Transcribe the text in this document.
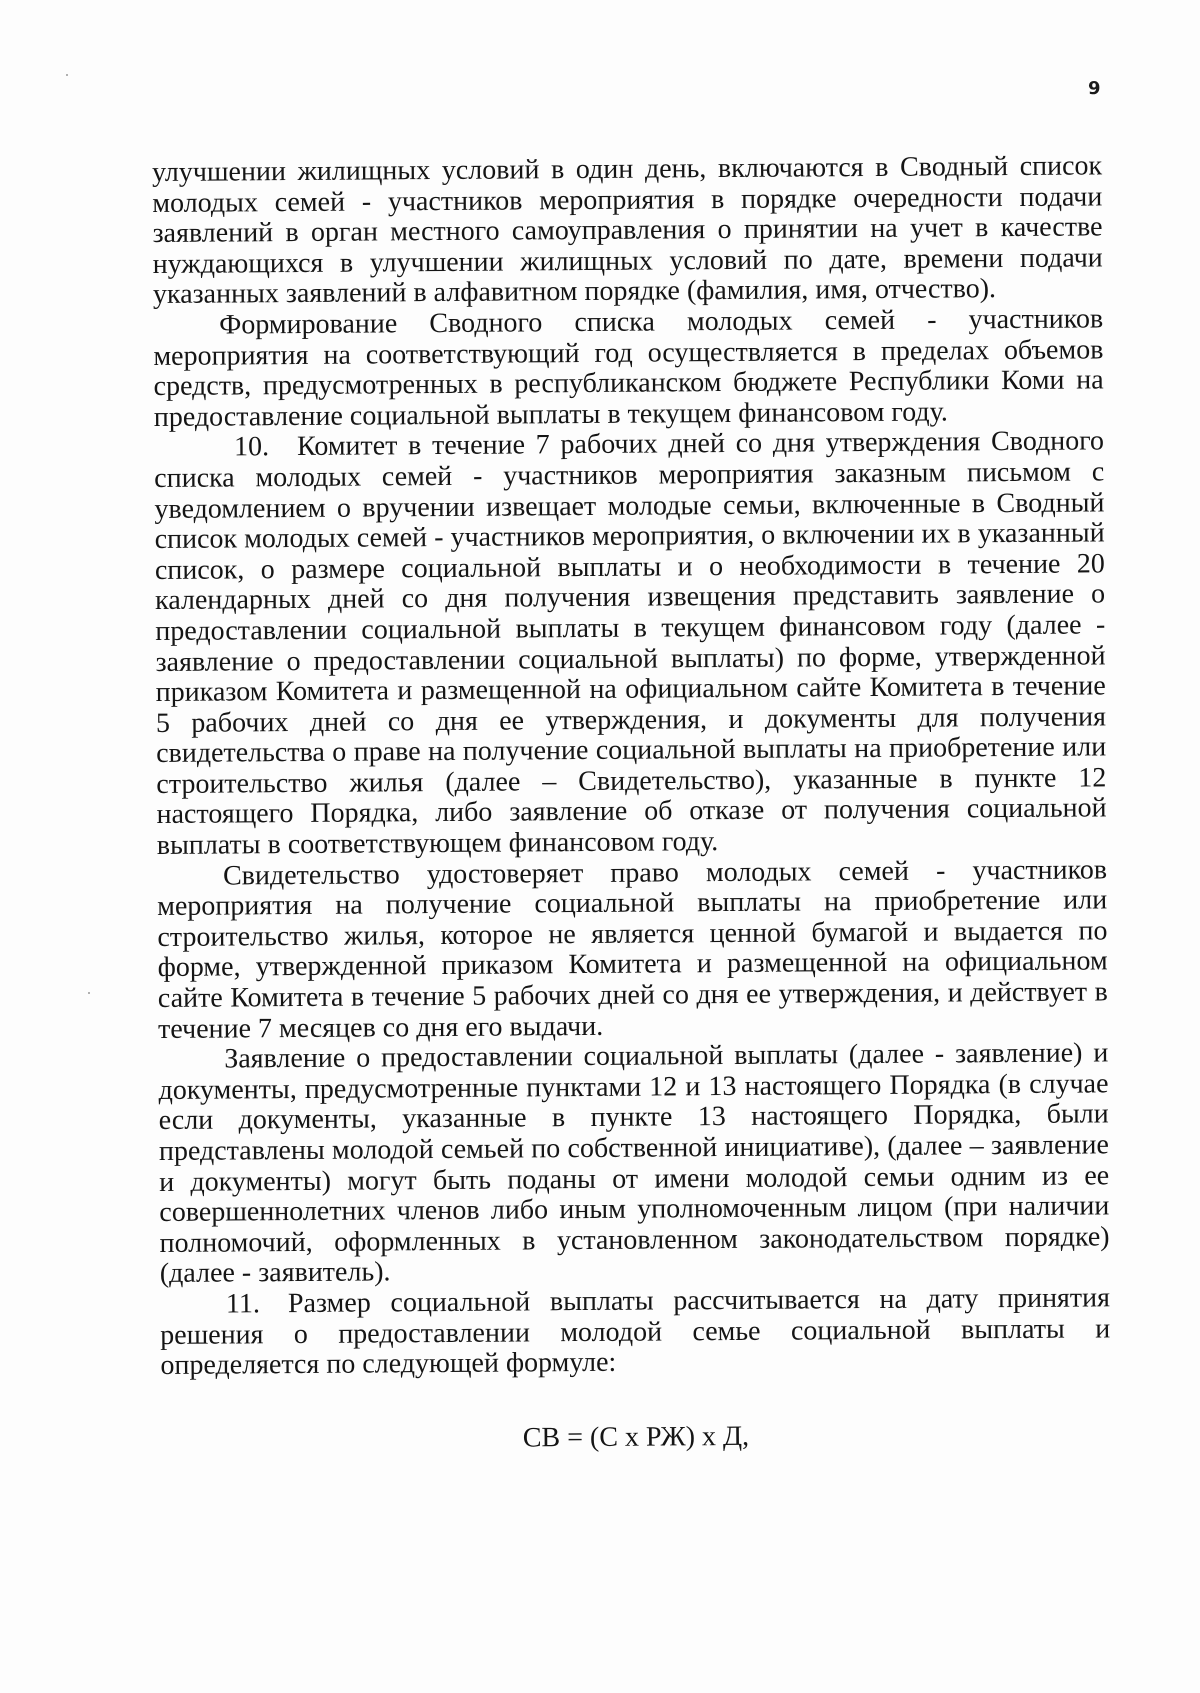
9

улучшении жилищных условий в один день, включаются в Сводный список молодых семей - участников мероприятия в порядке очередности подачи заявлений в орган местного самоуправления о принятии на учет в качестве нуждающихся в улучшении жилищных условий по дате, времени подачи указанных заявлений в алфавитном порядке (фамилия, имя, отчество).

Формирование Сводного списка молодых семей - участников мероприятия на соответствующий год осуществляется в пределах объемов средств, предусмотренных в республиканском бюджете Республики Коми на предоставление социальной выплаты в текущем финансовом году.

10. Комитет в течение 7 рабочих дней со дня утверждения Сводного списка молодых семей - участников мероприятия заказным письмом с уведомлением о вручении извещает молодые семьи, включенные в Сводный список молодых семей - участников мероприятия, о включении их в указанный список, о размере социальной выплаты и о необходимости в течение 20 календарных дней со дня получения извещения представить заявление о предоставлении социальной выплаты в текущем финансовом году (далее - заявление о предоставлении социальной выплаты) по форме, утвержденной приказом Комитета и размещенной на официальном сайте Комитета в течение 5 рабочих дней со дня ее утверждения, и документы для получения свидетельства о праве на получение социальной выплаты на приобретение или строительство жилья (далее – Свидетельство), указанные в пункте 12 настоящего Порядка, либо заявление об отказе от получения социальной выплаты в соответствующем финансовом году.

Свидетельство удостоверяет право молодых семей - участников мероприятия на получение социальной выплаты на приобретение или строительство жилья, которое не является ценной бумагой и выдается по форме, утвержденной приказом Комитета и размещенной на официальном сайте Комитета в течение 5 рабочих дней со дня ее утверждения, и действует в течение 7 месяцев со дня его выдачи.

Заявление о предоставлении социальной выплаты (далее - заявление) и документы, предусмотренные пунктами 12 и 13 настоящего Порядка (в случае если документы, указанные в пункте 13 настоящего Порядка, были представлены молодой семьей по собственной инициативе), (далее – заявление и документы) могут быть поданы от имени молодой семьи одним из ее совершеннолетних членов либо иным уполномоченным лицом (при наличии полномочий, оформленных в установленном законодательством порядке) (далее - заявитель).

11. Размер социальной выплаты рассчитывается на дату принятия решения о предоставлении молодой семье социальной выплаты и определяется по следующей формуле:

СВ = (С х РЖ) х Д,
